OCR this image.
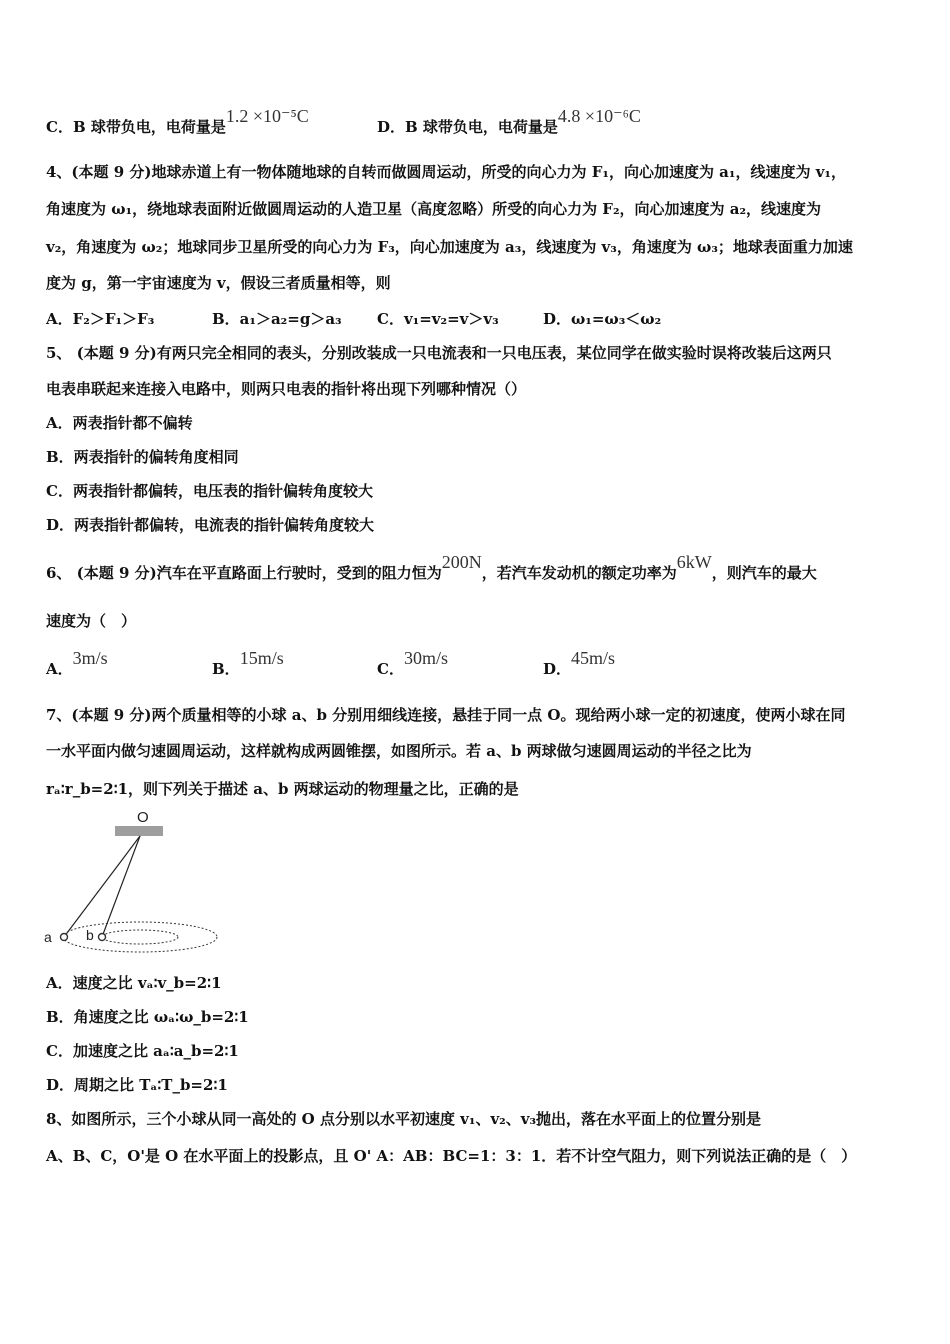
C．B 球带负电，电荷量是1.2 ×10⁻⁵C
D．B 球带负电，电荷量是4.8 ×10⁻⁶C
4、(本题 9 分)地球赤道上有一物体随地球的自转而做圆周运动，所受的向心力为 F₁，向心加速度为 a₁，线速度为 v₁，
角速度为 ω₁，绕地球表面附近做圆周运动的人造卫星（高度忽略）所受的向心力为 F₂，向心加速度为 a₂，线速度为
v₂，角速度为 ω₂；地球同步卫星所受的向心力为 F₃，向心加速度为 a₃，线速度为 v₃，角速度为 ω₃；地球表面重力加速
度为 g，第一宇宙速度为 v，假设三者质量相等，则
A．F₂＞F₁＞F₃	B．a₁＞a₂=g＞a₃ C．v₁=v₂=v＞v₃	D．ω₁=ω₃＜ω₂
5、 (本题 9 分)有两只完全相同的表头，分别改装成一只电流表和一只电压表，某位同学在做实验时误将改装后这两只
电表串联起来连接入电路中，则两只电表的指针将出现下列哪种情况（）
A．两表指针都不偏转
B．两表指针的偏转角度相同
C．两表指针都偏转，电压表的指针偏转角度较大
D．两表指针都偏转，电流表的指针偏转角度较大
6、 (本题 9 分)汽车在平直路面上行驶时，受到的阻力恒为200N，若汽车发动机的额定功率为6kW，则汽车的最大
速度为（　）
A．3m/s
B．15m/s
C．30m/s
D．45m/s
7、(本题 9 分)两个质量相等的小球 a、b 分别用细线连接，悬挂于同一点 O。现给两小球一定的初速度，使两小球在同
一水平面内做匀速圆周运动，这样就构成两圆锥摆，如图所示。若 a、b 两球做匀速圆周运动的半径之比为
rₐ∶r_b=2∶1，则下列关于描述 a、b 两球运动的物理量之比，正确的是
O
a b
A．速度之比 vₐ∶v_b=2∶1
B．角速度之比 ωₐ∶ω_b=2∶1
C．加速度之比 aₐ∶a_b=2∶1
D．周期之比 Tₐ∶T_b=2∶1
8、如图所示，三个小球从同一高处的 O 点分别以水平初速度 v₁、v₂、v₃抛出，落在水平面上的位置分别是
A、B、C，O'是 O 在水平面上的投影点，且 O' A：AB：BC=1：3：1．若不计空气阻力，则下列说法正确的是（　）
